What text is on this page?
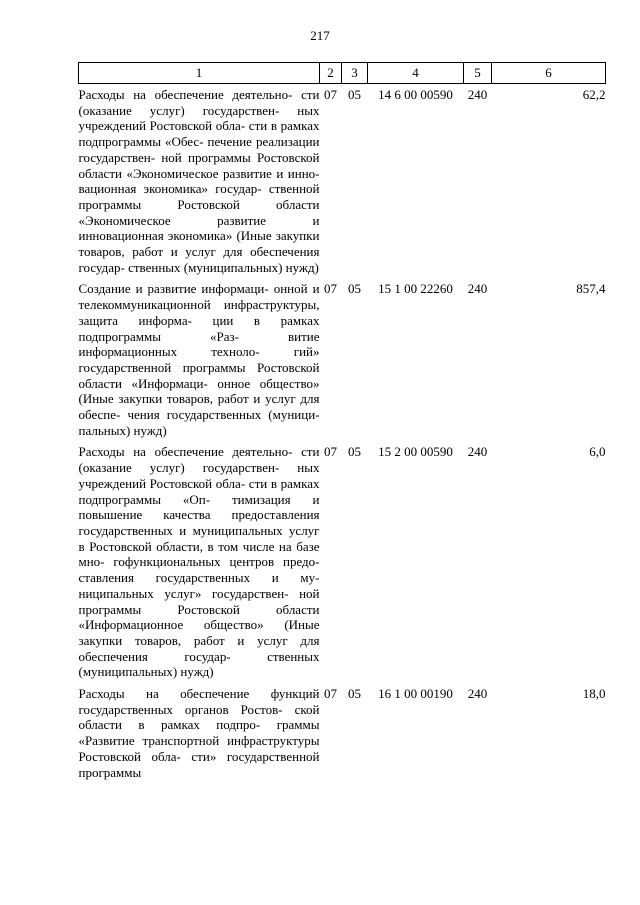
217
1	2	3	4	5	6
Расходы на обеспечение деятельно- сти (оказание услуг) государствен- ных учреждений Ростовской обла- сти в рамках подпрограммы «Обес- печение реализации государствен- ной программы Ростовской области «Экономическое развитие и инно- вационная экономика» государ- ственной программы Ростовской области «Экономическое развитие и инновационная экономика» (Иные закупки товаров, работ и услуг для обеспечения государ- ственных (муниципальных) нужд)	07	05	14 6 00 00590	240	62,2
Создание и развитие информаци- онной и телекоммуникационной инфраструктуры, защита информа- ции в рамках подпрограммы «Раз- витие информационных техноло- гий» государственной программы Ростовской области «Информаци- онное общество» (Иные закупки товаров, работ и услуг для обеспе- чения государственных (муници- пальных) нужд)	07	05	15 1 00 22260	240	857,4
Расходы на обеспечение деятельно- сти (оказание услуг) государствен- ных учреждений Ростовской обла- сти в рамках подпрограммы «Оп- тимизация и повышение качества предоставления государственных и муниципальных услуг в Ростовской области, в том числе на базе мно- гофункциональных центров предо- ставления государственных и му- ниципальных услуг» государствен- ной программы Ростовской области «Информационное общество» (Иные закупки товаров, работ и услуг для обеспечения государ- ственных (муниципальных) нужд)	07	05	15 2 00 00590	240	6,0
Расходы на обеспечение функций государственных органов Ростов- ской области в рамках подпро- граммы «Развитие транспортной инфраструктуры Ростовской обла- сти» государственной программы	07	05	16 1 00 00190	240	18,0
